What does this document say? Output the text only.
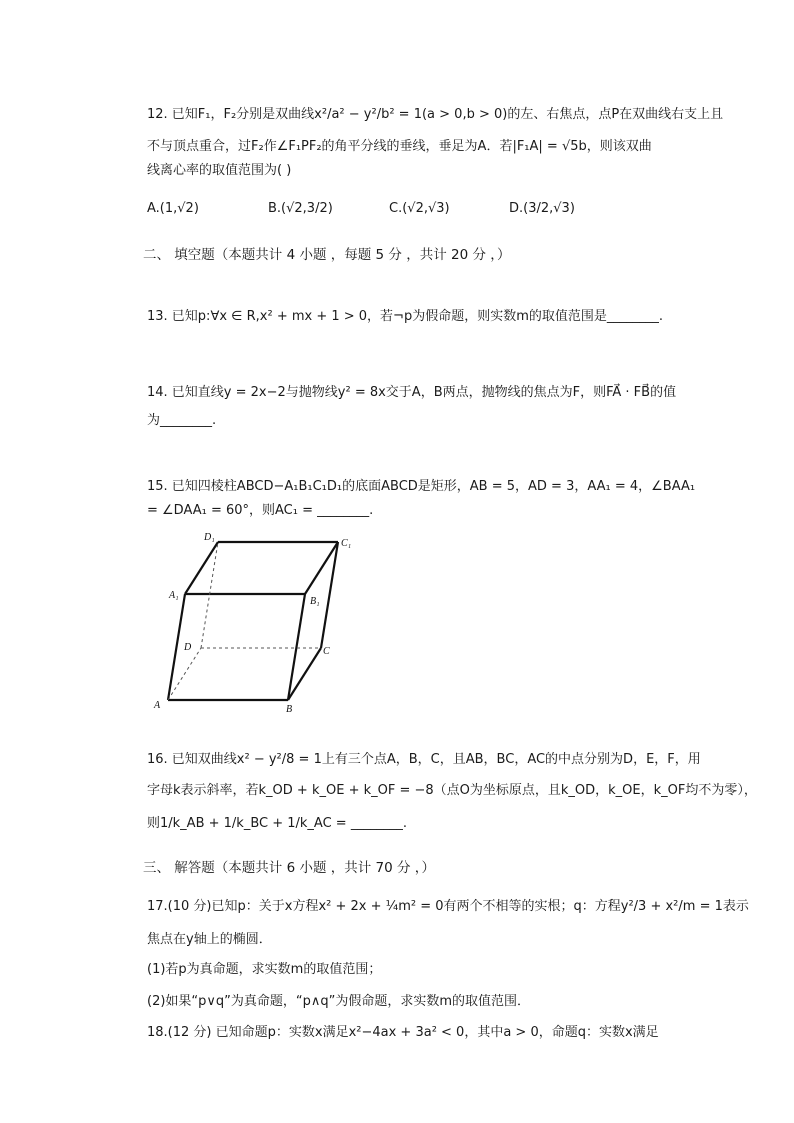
12. 已知F₁，F₂分别是双曲线x²/a² − y²/b² = 1(a > 0,b > 0)的左、右焦点，点P在双曲线右支上且
不与顶点重合，过F₂作∠F₁PF₂的角平分线的垂线，垂足为A．若|F₁A| = √5b，则该双曲
线离心率的取值范围为( )
A.(1,√2)	B.(√2,3/2)	C.(√2,√3)	D.(3/2,√3)
二、 填空题（本题共计 4 小题 ，每题 5 分 ，共计 20 分 ，）
13. 已知p:∀x ∈ R,x² + mx + 1 > 0，若¬p为假命题，则实数m的取值范围是________.
14. 已知直线y = 2x−2与抛物线y² = 8x交于A，B两点，抛物线的焦点为F，则FA⃗ · FB⃗的值
为________.
15. 已知四棱柱ABCD−A₁B₁C₁D₁的底面ABCD是矩形，AB = 5，AD = 3，AA₁ = 4，∠BAA₁
= ∠DAA₁ = 60°，则AC₁ = ________.
D₁
C₁
A₁
B₁
D	C
A	B
16. 已知双曲线x² − y²/8 = 1上有三个点A，B，C，且AB，BC，AC的中点分别为D，E，F，用
字母k表示斜率，若k_OD + k_OE + k_OF = −8（点O为坐标原点，且k_OD，k_OE，k_OF均不为零），
则1/k_AB + 1/k_BC + 1/k_AC = ________.
三、 解答题（本题共计 6 小题 ，共计 70 分 ，）
17.(10 分)已知p：关于x方程x² + 2x + ¼m² = 0有两个不相等的实根；q：方程y²/3 + x²/m = 1表示
焦点在y轴上的椭圆．
(1)若p为真命题，求实数m的取值范围；
(2)如果“p∨q”为真命题，“p∧q”为假命题，求实数m的取值范围．
18.(12 分) 已知命题p：实数x满足x²−4ax + 3a² < 0，其中a > 0，命题q：实数x满足
